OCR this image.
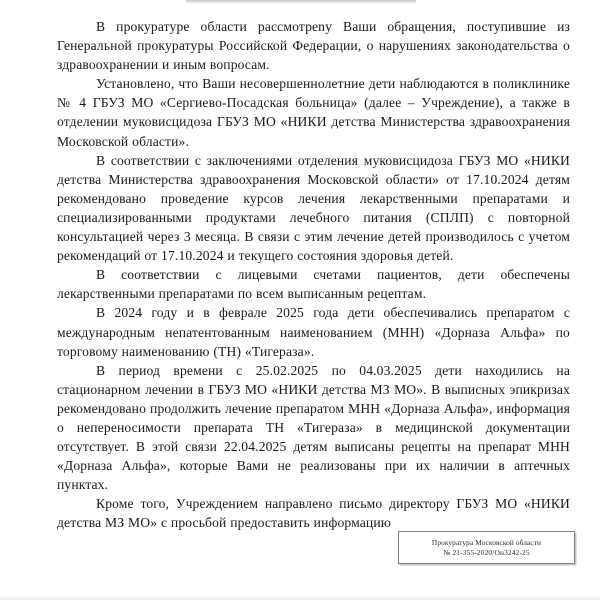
В прокуратуре области рассмотрenу Ваши обращения, поступившие из Генеральной прокуратуры Российской Федерации, о нарушениях законодательства о здравоохранении и иным вопросам.

Установлено, что Ваши несовершеннолетние дети наблюдаются в поликлинике № 4 ГБУЗ МО «Сергиево-Посадская больница» (далее – Учреждение), а также в отделении муковисцидоза ГБУЗ МО «НИКИ детства Министерства здравоохранения Московской области».

В соответствии с заключениями отделения муковисцидоза ГБУЗ МО «НИКИ детства Министерства здравоохранения Московской области» от 17.10.2024 детям рекомендовано проведение курсов лечения лекарственными препаратами и специализированными продуктами лечебного питания (СПЛП) с повторной консультацией через 3 месяца. В связи с этим лечение детей производилось с учетом рекомендаций от 17.10.2024 и текущего состояния здоровья детей.

В соответствии с лицевыми счетами пациентов, дети обеспечены лекарственными препаратами по всем выписанным рецептам.

В 2024 году и в феврале 2025 года дети обеспечивались препаратом с международным непатентованным наименованием (МНН) «Дорназа Альфа» по торговому наименованию (ТН) «Тигераза».

В период времени с 25.02.2025 по 04.03.2025 дети находились на стационарном лечении в ГБУЗ МО «НИКИ детства МЗ МО». В выписных эпикризах рекомендовано продолжить лечение препаратом МНН «Дорназа Альфа», информация о непереносимости препарата ТН «Тигераза» в медицинской документации отсутствует. В этой связи 22.04.2025 детям выписаны рецепты на препарат МНН «Дорназа Альфа», которые Вами не реализованы при их наличии в аптечных пунктах.

Кроме того, Учреждением направлено письмо директору ГБУЗ МО «НИКИ детства МЗ МО» с просьбой предоставить информацию

Прокуратура Московской области
№ 21-355-2020/Он3242-25
